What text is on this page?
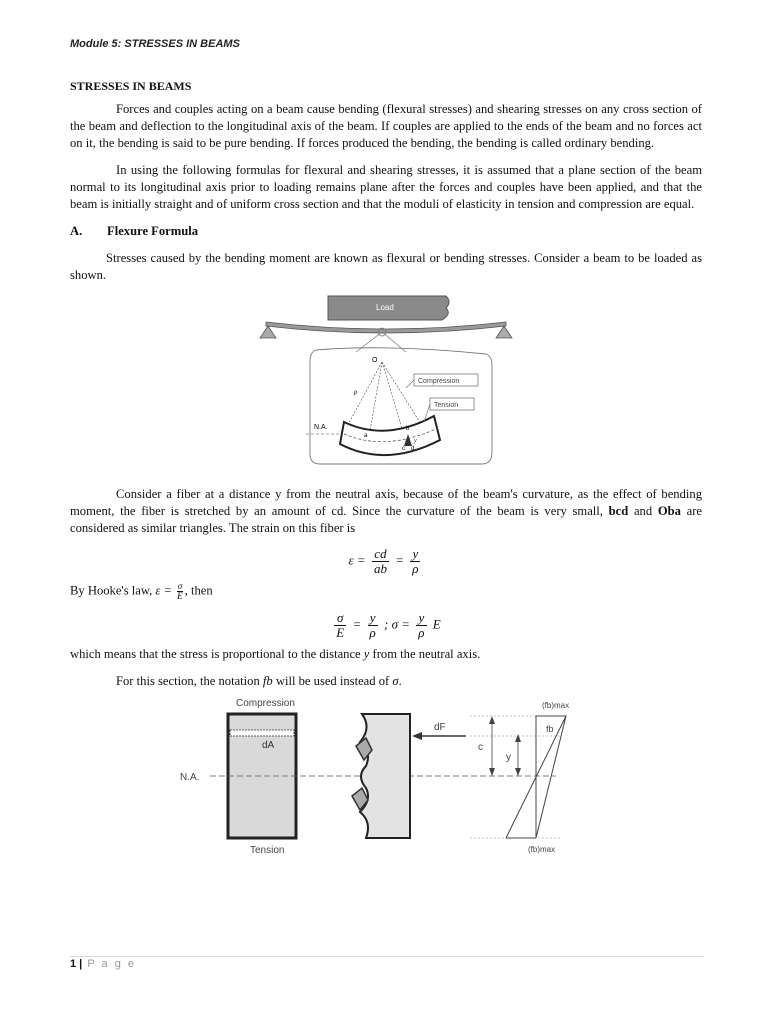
Module 5: STRESSES IN BEAMS
STRESSES IN BEAMS

Forces and couples acting on a beam cause bending (flexural stresses) and shearing stresses on any cross section of the beam and deflection to the longitudinal axis of the beam. If couples are applied to the ends of the beam and no forces act on it, the bending is said to be pure bending. If forces produced the bending, the bending is called ordinary bending.

In using the following formulas for flexural and shearing stresses, it is assumed that a plane section of the beam normal to its longitudinal axis prior to loading remains plane after the forces and couples have been applied, and that the beam is initially straight and of uniform cross section and that the moduli of elasticity in tension and compression are equal.

A. Flexure Formula

Stresses caused by the bending moment are known as flexural or bending stresses. Consider a beam to be loaded as shown.

Load
O
ρ
N.A.
a
b
c d
y
Compression
Tension

Consider a fiber at a distance y from the neutral axis, because of the beam's curvature, as the effect of bending moment, the fiber is stretched by an amount of cd. Since the curvature of the beam is very small, bcd and Oba are considered as similar triangles. The strain on this fiber is

$\varepsilon = \frac{cd}{ab} = \frac{y}{\rho}$

By Hooke's law, $\varepsilon = \frac{\sigma}{E}$ , then

$\frac{\sigma}{E} = \frac{y}{\rho}$ ; $\sigma = \frac{y}{\rho}$ E

which means that the stress is proportional to the distance y from the neutral axis.

For this section, the notation fb will be used instead of σ.

Compression
Tension
N.A.
dA
dF
c
y
(fb)max
fb
(fb)max
1 | P a g e
